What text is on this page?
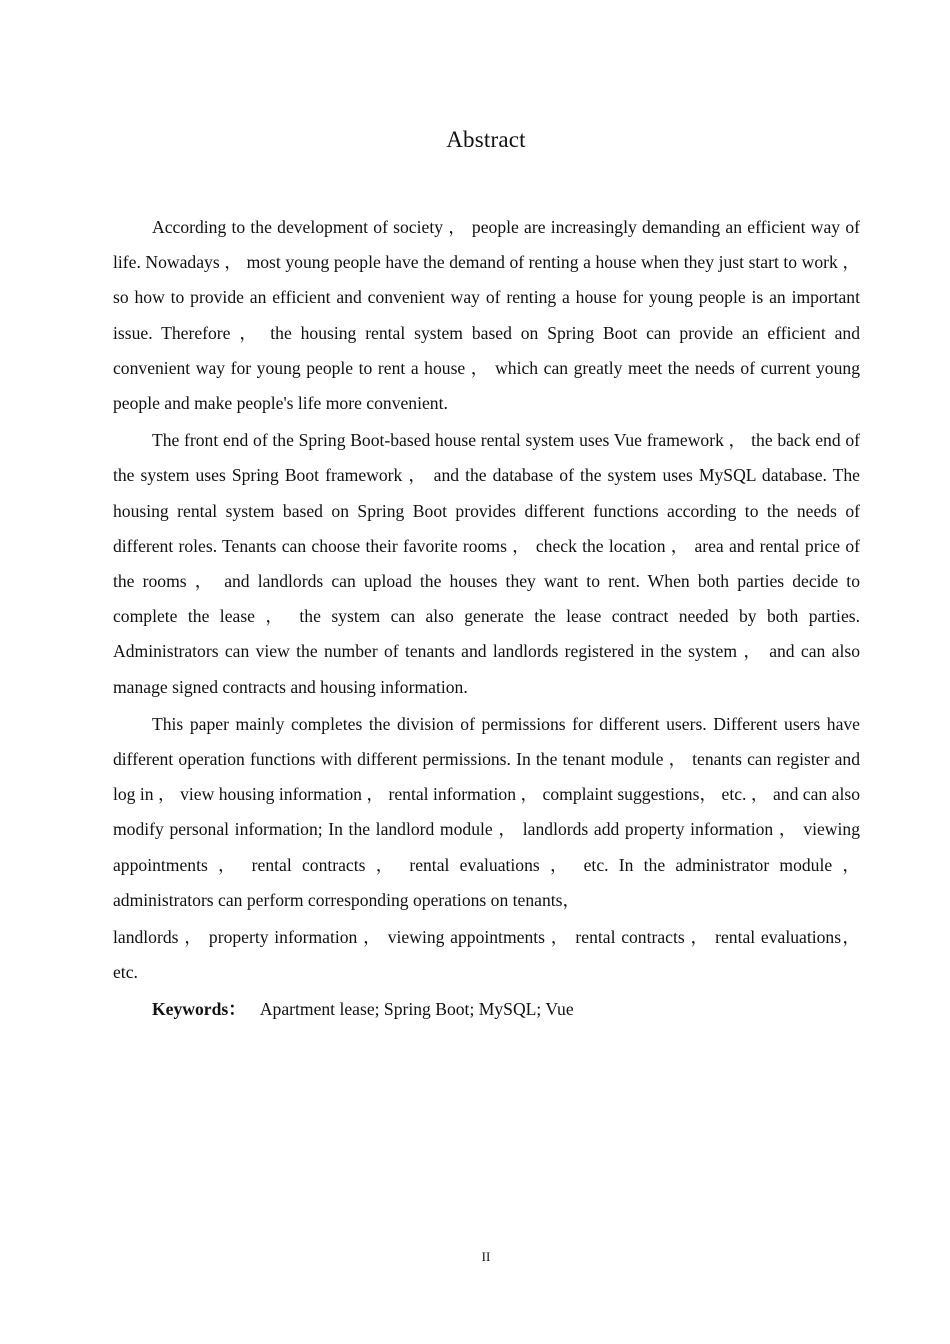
Abstract

According to the development of society ， people are increasingly demanding an efficient way of life. Nowadays ， most young people have the demand of renting a house when they just start to work ， so how to provide an efficient and convenient way of renting a house for young people is an important issue. Therefore ， the housing rental system based on Spring Boot can provide an efficient and convenient way for young people to rent a house ， which can greatly meet the needs of current young people and make people's life more convenient.

The front end of the Spring Boot-based house rental system uses Vue framework ， the back end of the system uses Spring Boot framework ， and the database of the system uses MySQL database. The housing rental system based on Spring Boot provides different functions according to the needs of different roles. Tenants can choose their favorite rooms ， check the location ， area and rental price of the rooms ， and landlords can upload the houses they want to rent. When both parties decide to complete the lease ， the system can also generate the lease contract needed by both parties. Administrators can view the number of tenants and landlords registered in the system ， and can also manage signed contracts and housing information.

This paper mainly completes the division of permissions for different users. Different users have different operation functions with different permissions. In the tenant module ， tenants can register and log in ， view housing information ， rental information ， complaint suggestions， etc. ， and can also modify personal information; In the landlord module ， landlords add property information ， viewing appointments ， rental contracts ， rental evaluations ， etc. In the administrator module ， administrators can perform corresponding operations on tenants，

landlords ， property information ， viewing appointments ， rental contracts ， rental evaluations， etc.

Keywords： Apartment lease; Spring Boot; MySQL; Vue

II
